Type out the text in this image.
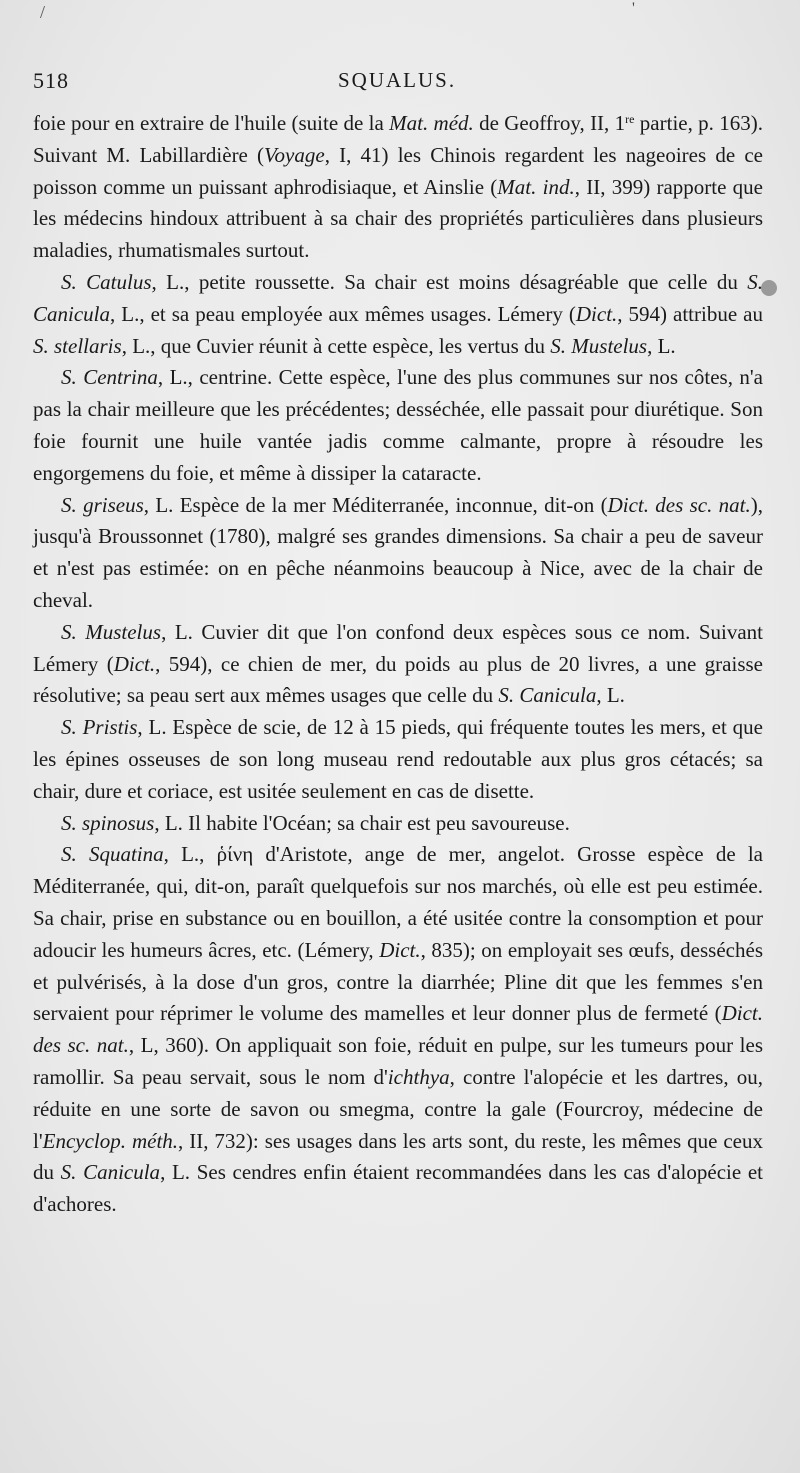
/	'
518	SQUALUS.

foie pour en extraire de l'huile (suite de la Mat. méd. de Geoffroy, II, 1re partie, p. 163). Suivant M. Labillardière (Voyage, I, 41) les Chinois regardent les nageoires de ce poisson comme un puissant aphrodisiaque, et Ainslie (Mat. ind., II, 399) rapporte que les médecins hindoux attribuent à sa chair des propriétés particulières dans plusieurs maladies, rhumatismales surtout.

S. Catulus, L., petite roussette. Sa chair est moins désagréable que celle du S. Canicula, L., et sa peau employée aux mêmes usages. Lémery (Dict., 594) attribue au S. stellaris, L., que Cuvier réunit à cette espèce, les vertus du S. Mustelus, L.

S. Centrina, L., centrine. Cette espèce, l'une des plus communes sur nos côtes, n'a pas la chair meilleure que les précédentes; desséchée, elle passait pour diurétique. Son foie fournit une huile vantée jadis comme calmante, propre à résoudre les engorgemens du foie, et même à dissiper la cataracte.

S. griseus, L. Espèce de la mer Méditerranée, inconnue, dit-on (Dict. des sc. nat.), jusqu'à Broussonnet (1780), malgré ses grandes dimensions. Sa chair a peu de saveur et n'est pas estimée: on en pêche néanmoins beaucoup à Nice, avec de la chair de cheval.

S. Mustelus, L. Cuvier dit que l'on confond deux espèces sous ce nom. Suivant Lémery (Dict., 594), ce chien de mer, du poids au plus de 20 livres, a une graisse résolutive; sa peau sert aux mêmes usages que celle du S. Canicula, L.

S. Pristis, L. Espèce de scie, de 12 à 15 pieds, qui fréquente toutes les mers, et que les épines osseuses de son long museau rend redoutable aux plus gros cétacés; sa chair, dure et coriace, est usitée seulement en cas de disette.

S. spinosus, L. Il habite l'Océan; sa chair est peu savoureuse.

S. Squatina, L., ῥίνη d'Aristote, ange de mer, angelot. Grosse espèce de la Méditerranée, qui, dit-on, paraît quelquefois sur nos marchés, où elle est peu estimée. Sa chair, prise en substance ou en bouillon, a été usitée contre la consomption et pour adoucir les humeurs âcres, etc. (Lémery, Dict., 835); on employait ses œufs, desséchés et pulvérisés, à la dose d'un gros, contre la diarrhée; Pline dit que les femmes s'en servaient pour réprimer le volume des mamelles et leur donner plus de fermeté (Dict. des sc. nat., L, 360). On appliquait son foie, réduit en pulpe, sur les tumeurs pour les ramollir. Sa peau servait, sous le nom d'ichthya, contre l'alopécie et les dartres, ou, réduite en une sorte de savon ou smegma, contre la gale (Fourcroy, médecine de l'Encyclop. méth., II, 732): ses usages dans les arts sont, du reste, les mêmes que ceux du S. Canicula, L. Ses cendres enfin étaient recommandées dans les cas d'alopécie et d'achores.
